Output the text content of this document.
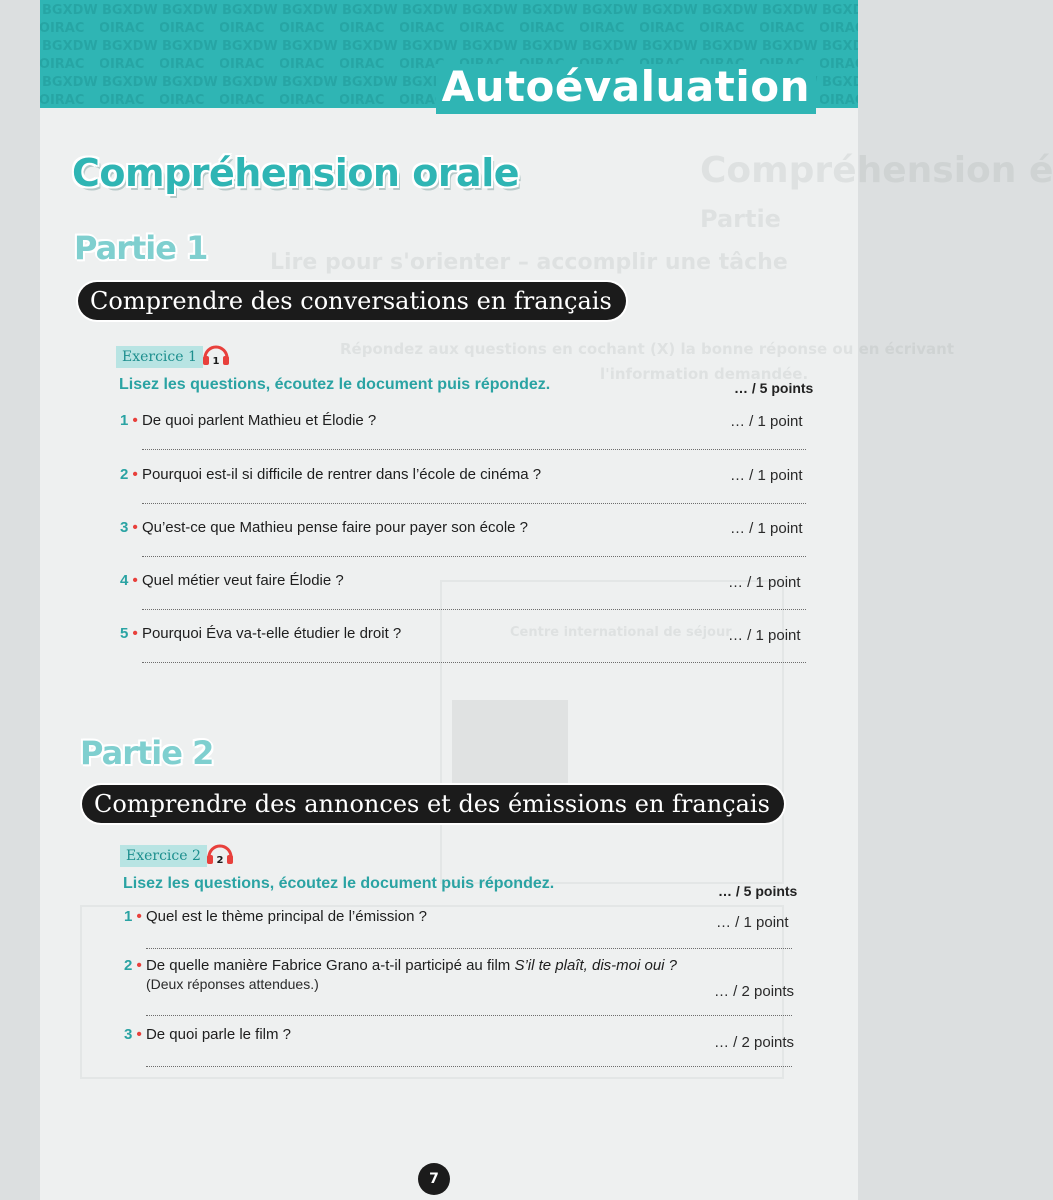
Compréhension é
Partie
Lire pour s'orienter – accomplir une tâche
Répondez aux questions en cochant (X) la bonne réponse ou en écrivant
l'information demandée.
Centre international de séjour
Autoévaluation
Compréhension orale
Partie 1
Comprendre des conversations en français
Exercice 1	1
Lisez les questions, écoutez le document puis répondez.	… / 5 points
1 • De quoi parlent Mathieu et Élodie ?	… / 1 point
2 • Pourquoi est-il si difficile de rentrer dans l’école de cinéma ?	… / 1 point
3 • Qu’est-ce que Mathieu pense faire pour payer son école ?	… / 1 point
4 • Quel métier veut faire Élodie ?	… / 1 point
5 • Pourquoi Éva va-t-elle étudier le droit ?	… / 1 point
Partie 2
Comprendre des annonces et des émissions en français
Exercice 2	2
Lisez les questions, écoutez le document puis répondez.	… / 5 points
1 • Quel est le thème principal de l’émission ?	… / 1 point
2 • De quelle manière Fabrice Grano a-t-il participé au film S’il te plaît, dis-moi oui ?
(Deux réponses attendues.)	… / 2 points
3 • De quoi parle le film ?	… / 2 points
7
